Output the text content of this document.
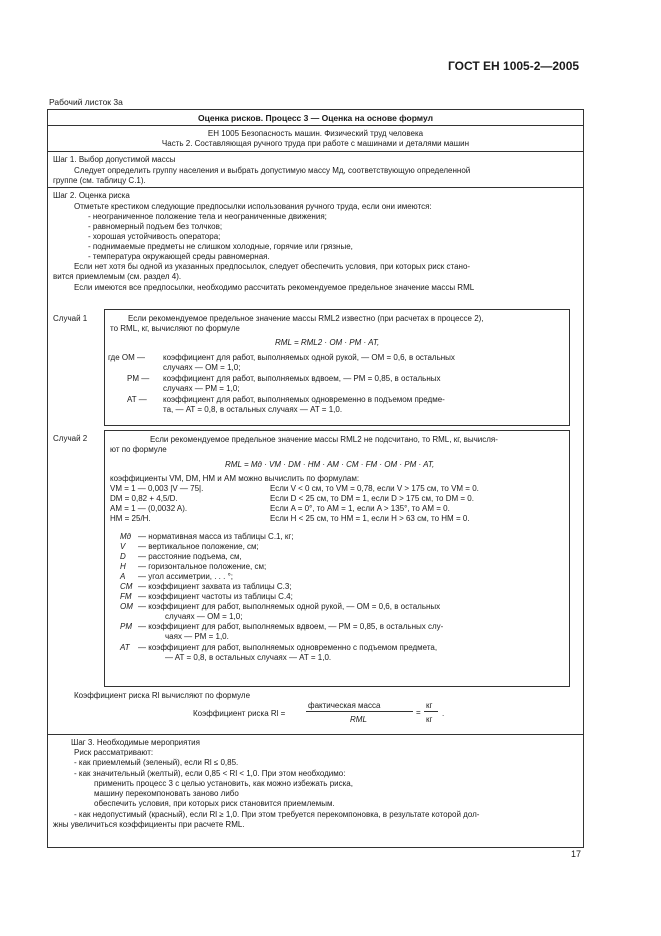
ГОСТ ЕН 1005-2—2005
Рабочий листок 3а
Оценка рисков. Процесс 3 — Оценка на основе формул
ЕН 1005 Безопасность машин. Физический труд человека
Часть 2. Составляющая ручного труда при работе с машинами и деталями машин
Шаг 1. Выбор допустимой массы
Следует определить группу населения и выбрать допустимую массу Mд, соответствующую определенной
группе (см. таблицу С.1).
Шаг 2. Оценка риска
Отметьте крестиком следующие предпосылки использования ручного труда, если они имеются:
- неограниченное положение тела и неограниченные движения;
- равномерный подъем без толчков;
- хорошая устойчивость оператора;
- поднимаемые предметы не слишком холодные, горячие или грязные,
- температура окружающей среды равномерная.
Если нет хотя бы одной из указанных предпосылок, следует обеспечить условия, при которых риск стано-
вится приемлемым (см. раздел 4).
Если имеются все предпосылки, необходимо рассчитать рекомендуемое предельное значение массы RML
Случай 1	Если рекомендуемое предельное значение массы RML2 известно (при расчетах в процессе 2),
то RML, кг, вычисляют по формуле
RML = RML2 · OM · PM · AT,
где OM — коэффициент для работ, выполняемых одной рукой, — OM = 0,6, в остальных
случаях — OM = 1,0;
PM — коэффициент для работ, выполняемых вдвоем, — PM = 0,85, в остальных
случаях — PM = 1,0;
AT — коэффициент для работ, выполняемых одновременно в подъемом предме-
та, — AT = 0,8, в остальных случаях — AT = 1,0.
Случай 2	Если рекомендуемое предельное значение массы RML2 не подсчитано, то RML, кг, вычисля-
ют по формуле
RML = Mд · VM · DM · HM · AM · CM · FM · OM · PM · AT,
коэффициенты VM, DM, HM и AM можно вычислить по формулам:
VM = 1 — 0,003 |V — 75|.
DM = 0,82 + 4,5/D.
AM = 1 — (0,0032 A).
HM = 25/H.
Если V < 0 см, то VM = 0,78, если V > 175 см, то VM = 0.
Если D < 25 см, то DM = 1, если D > 175 см, то DM = 0.
Если A = 0°, то AM = 1, если A > 135°, то AM = 0.
Если H < 25 см, то HM = 1, если H > 63 см, то HM = 0.
Mд — нормативная масса из таблицы С.1, кг;
V — вертикальное положение, см;
D — расстояние подъема, см,
H — горизонтальное положение, см;
A — угол ассиметрии, . . . °;
CM — коэффициент захвата из таблицы С.3;
FM — коэффициент частоты из таблицы С.4;
OM — коэффициент для работ, выполняемых одной рукой, — OM = 0,6, в остальных
случаях — OM = 1,0;
PM — коэффициент для работ, выполняемых вдвоем, — PM = 0,85, в остальных слу-
чаях — PM = 1,0.
AT — коэффициент для работ, выполняемых одновременно с подъемом предмета,
— AT = 0,8, в остальных случаях — AT = 1,0.
Коэффициент риска Rl вычисляют по формуле
Коэффициент риска Rl =
фактическая масса
RML
=
кг
кг
.
Шаг 3. Необходимые мероприятия
Риск рассматривают:
- как приемлемый (зеленый), если Rl ≤ 0,85.
- как значительный (желтый), если 0,85 < Rl < 1,0. При этом необходимо:
применить процесс 3 с целью установить, как можно избежать риска,
машину перекомпоновать заново либо
обеспечить условия, при которых риск становится приемлемым.
- как недопустимый (красный), если Rl ≥ 1,0. При этом требуется перекомпоновка, в результате которой дол-
жны увеличиться коэффициенты при расчете RML.
17
